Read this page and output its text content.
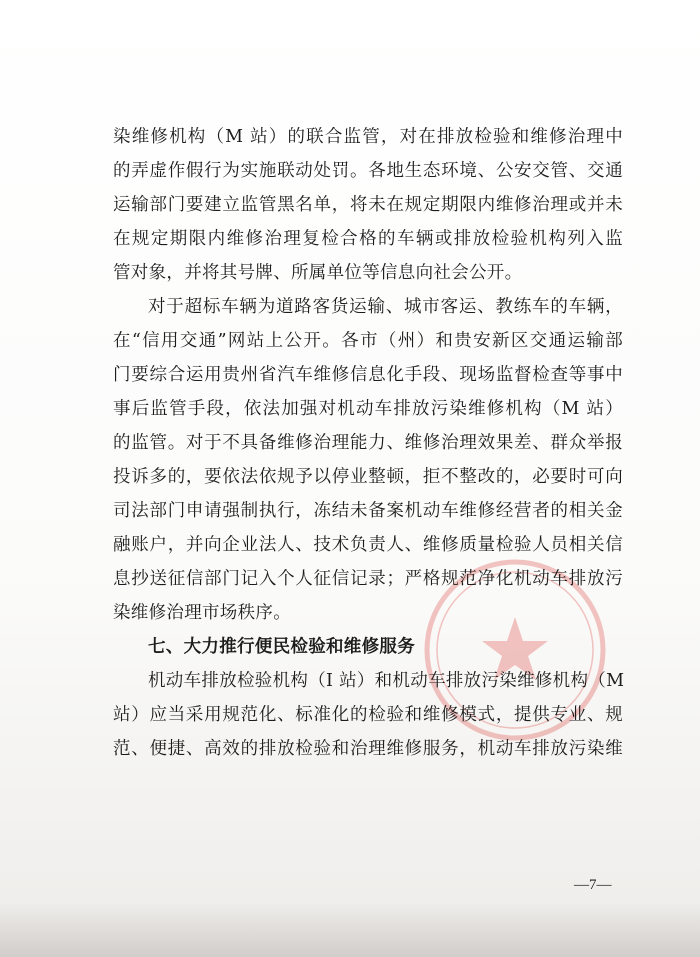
染维修机构（M 站）的联合监管，对在排放检验和维修治理中
的弄虚作假行为实施联动处罚。各地生态环境、公安交管、交通
运输部门要建立监管黑名单，将未在规定期限内维修治理或并未
在规定期限内维修治理复检合格的车辆或排放检验机构列入监
管对象，并将其号牌、所属单位等信息向社会公开。
对于超标车辆为道路客货运输、城市客运、教练车的车辆，
在“信用交通”网站上公开。各市（州）和贵安新区交通运输部
门要综合运用贵州省汽车维修信息化手段、现场监督检查等事中
事后监管手段，依法加强对机动车排放污染维修机构（M 站）
的监管。对于不具备维修治理能力、维修治理效果差、群众举报
投诉多的，要依法依规予以停业整顿，拒不整改的，必要时可向
司法部门申请强制执行，冻结未备案机动车维修经营者的相关金
融账户，并向企业法人、技术负责人、维修质量检验人员相关信
息抄送征信部门记入个人征信记录；严格规范净化机动车排放污
染维修治理市场秩序。
七、大力推行便民检验和维修服务
机动车排放检验机构（I 站）和机动车排放污染维修机构（M
站）应当采用规范化、标准化的检验和维修模式，提供专业、规
范、便捷、高效的排放检验和治理维修服务，机动车排放污染维
—7—
